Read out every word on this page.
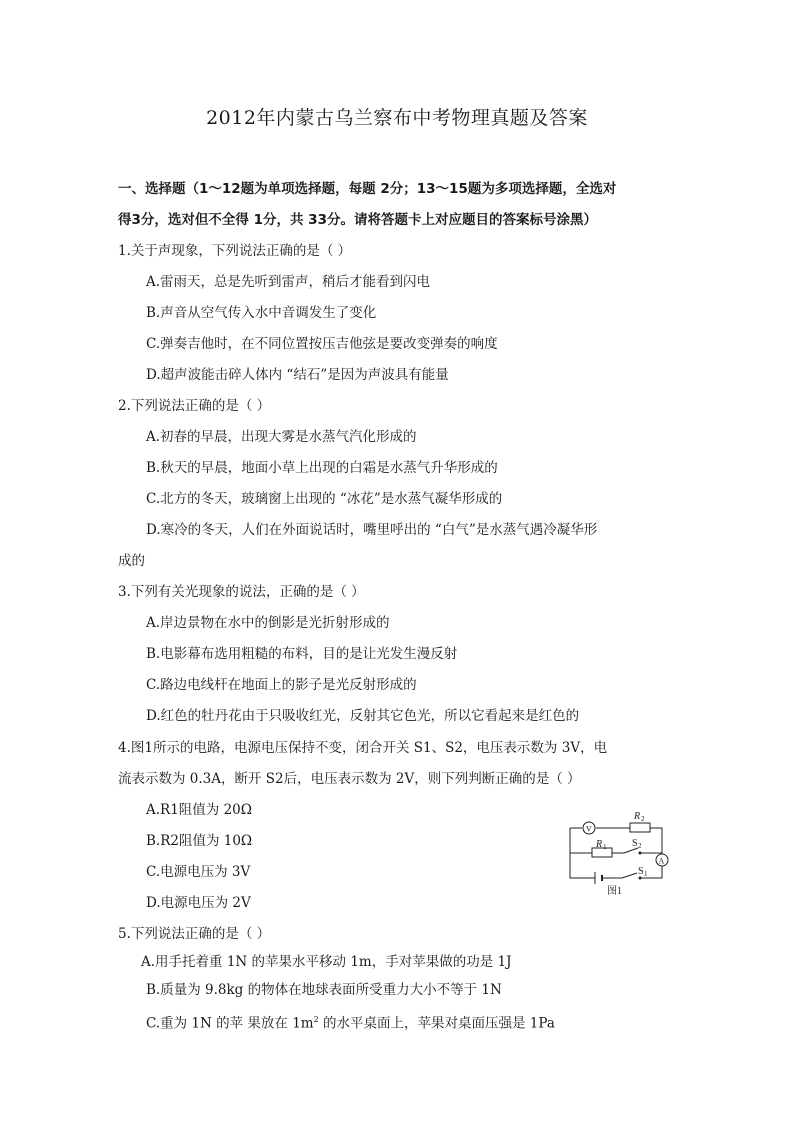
2012年内蒙古乌兰察布中考物理真题及答案
一、选择题（1～12题为单项选择题，每题 2分；13～15题为多项选择题，全选对
得3分，选对但不全得 1分，共 33分。请将答题卡上对应题目的答案标号涂黑）
1.关于声现象，下列说法正确的是（ ）
A.雷雨天，总是先听到雷声，稍后才能看到闪电
B.声音从空气传入水中音调发生了变化
C.弹奏吉他时，在不同位置按压吉他弦是要改变弹奏的响度
D.超声波能击碎人体内 “结石”是因为声波具有能量
2.下列说法正确的是（ ）
A.初春的早晨，出现大雾是水蒸气汽化形成的
B.秋天的早晨，地面小草上出现的白霜是水蒸气升华形成的
C.北方的冬天，玻璃窗上出现的 “冰花”是水蒸气凝华形成的
D.寒冷的冬天，人们在外面说话时，嘴里呼出的 “白气”是水蒸气遇冷凝华形
成的
3.下列有关光现象的说法，正确的是（ ）
A.岸边景物在水中的倒影是光折射形成的
B.电影幕布选用粗糙的布料，目的是让光发生漫反射
C.路边电线杆在地面上的影子是光反射形成的
D.红色的牡丹花由于只吸收红光，反射其它色光，所以它看起来是红色的
4.图1所示的电路，电源电压保持不变，闭合开关 S1、S2，电压表示数为 3V，电
流表示数为 0.3A，断开 S2后，电压表示数为 2V，则下列判断正确的是（ ）
A.R1阻值为 20Ω
B.R2阻值为 10Ω
C.电源电压为 3V
D.电源电压为 2V
V
A
R 2
R 1	S 2
S 1
图1
5.下列说法正确的是（ ）
A.用手托着重 1N 的苹果水平移动 1m，手对苹果做的功是 1J
B.质量为 9.8kg 的物体在地球表面所受重力大小不等于 1N
C.重为 1N 的苹 果放在 $1m^2$ 的水平桌面上，苹果对桌面压强是 1Pa
